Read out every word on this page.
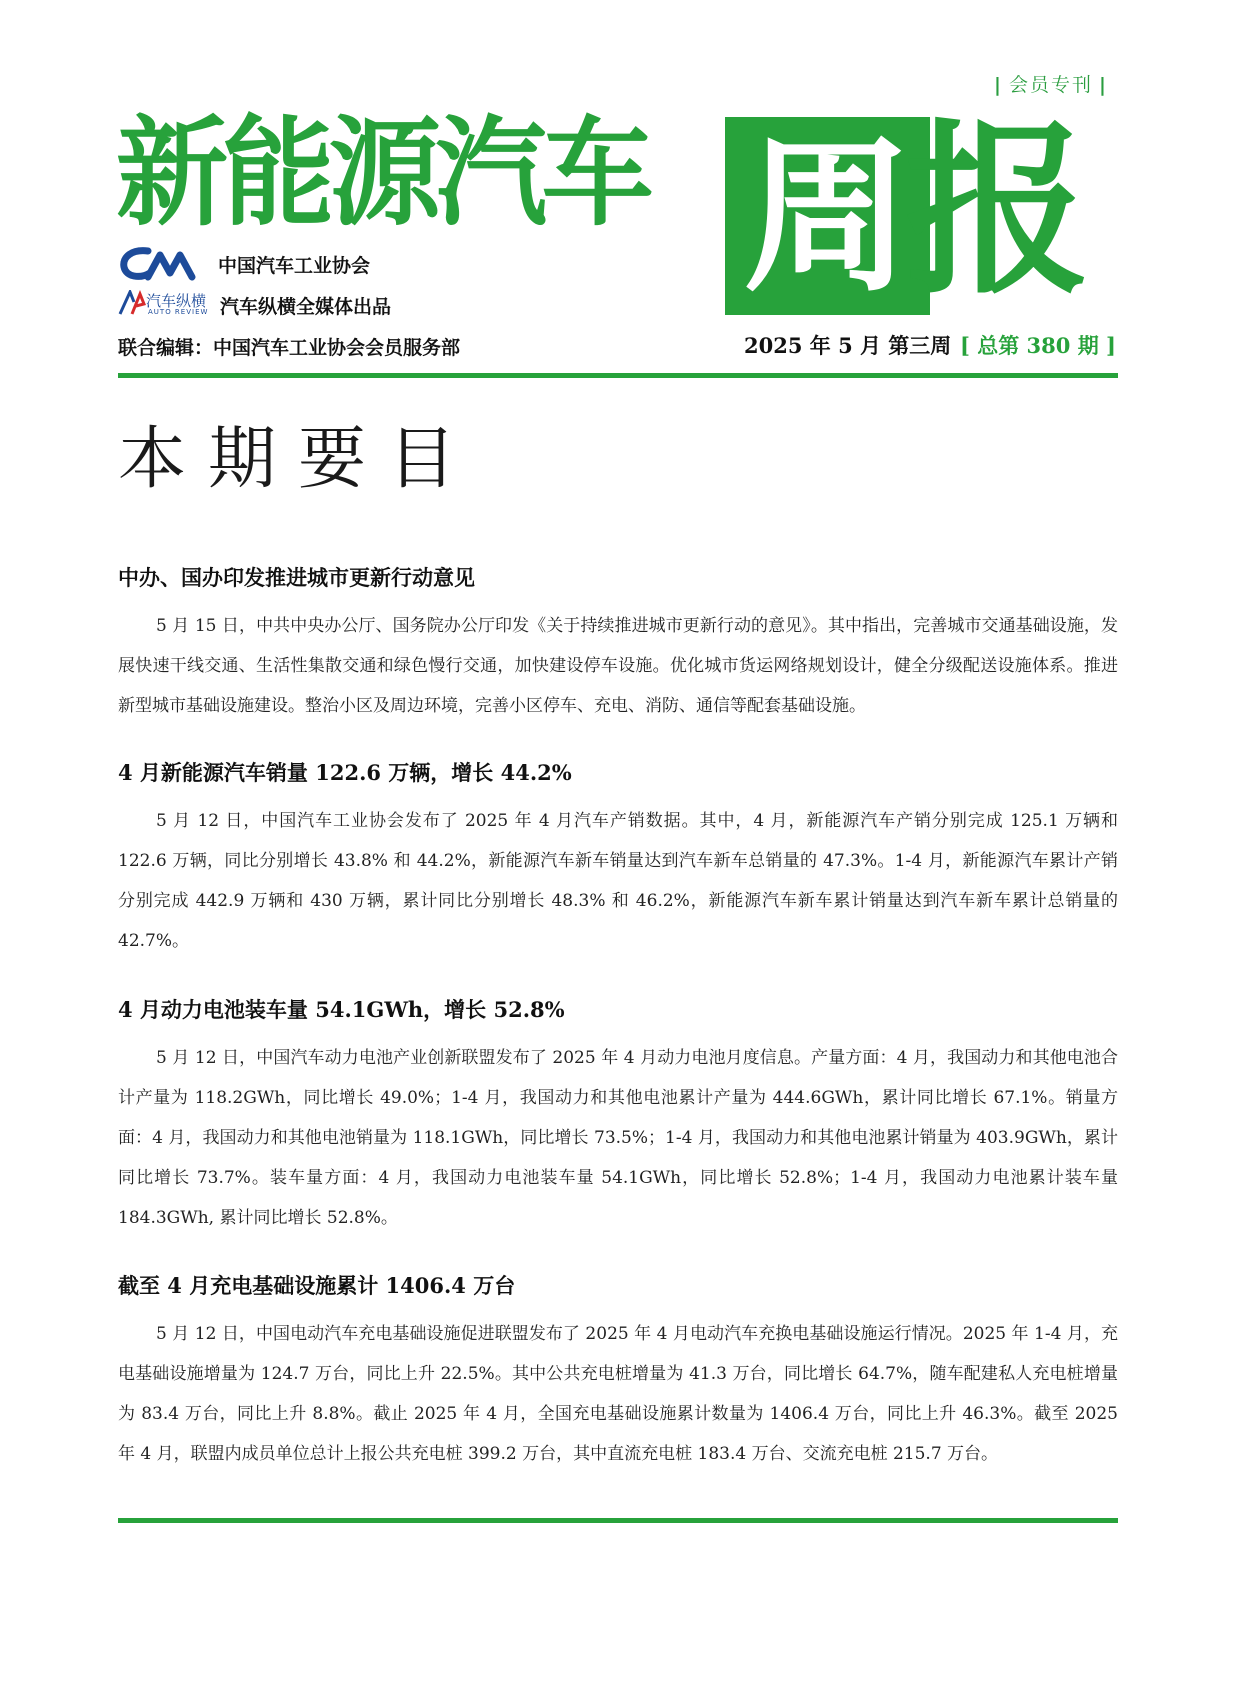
| 会员专刊 |
新能源汽车 周
报
中国汽车工业协会
汽车纵横
AUTO REVIEW 汽车纵横全媒体出品
联合编辑：中国汽车工业协会会员服务部	2025 年 5 月 第三周 [ 总第 380 期 ]
本期要目
中办、国办印发推进城市更新行动意见

5 月 15 日，中共中央办公厅、国务院办公厅印发《关于持续推进城市更新行动的意见》。其中指出，完善城市交通基础设施，发展快速干线交通、生活性集散交通和绿色慢行交通，加快建设停车设施。优化城市货运网络规划设计，健全分级配送设施体系。推进新型城市基础设施建设。整治小区及周边环境，完善小区停车、充电、消防、通信等配套基础设施。

4 月新能源汽车销量 122.6 万辆，增长 44.2%

5 月 12 日，中国汽车工业协会发布了 2025 年 4 月汽车产销数据。其中，4 月，新能源汽车产销分别完成 125.1 万辆和 122.6 万辆，同比分别增长 43.8% 和 44.2%，新能源汽车新车销量达到汽车新车总销量的 47.3%。1-4 月，新能源汽车累计产销分别完成 442.9 万辆和 430 万辆，累计同比分别增长 48.3% 和 46.2%，新能源汽车新车累计销量达到汽车新车累计总销量的 42.7%。

4 月动力电池装车量 54.1GWh，增长 52.8%

5 月 12 日，中国汽车动力电池产业创新联盟发布了 2025 年 4 月动力电池月度信息。产量方面：4 月，我国动力和其他电池合计产量为 118.2GWh，同比增长 49.0%；1-4 月，我国动力和其他电池累计产量为 444.6GWh，累计同比增长 67.1%。销量方面：4 月，我国动力和其他电池销量为 118.1GWh，同比增长 73.5%；1-4 月，我国动力和其他电池累计销量为 403.9GWh，累计同比增长 73.7%。装车量方面：4 月，我国动力电池装车量 54.1GWh，同比增长 52.8%；1-4 月，我国动力电池累计装车量 184.3GWh, 累计同比增长 52.8%。

截至 4 月充电基础设施累计 1406.4 万台

5 月 12 日，中国电动汽车充电基础设施促进联盟发布了 2025 年 4 月电动汽车充换电基础设施运行情况。2025 年 1-4 月，充电基础设施增量为 124.7 万台，同比上升 22.5%。其中公共充电桩增量为 41.3 万台，同比增长 64.7%，随车配建私人充电桩增量为 83.4 万台，同比上升 8.8%。截止 2025 年 4 月，全国充电基础设施累计数量为 1406.4 万台，同比上升 46.3%。截至 2025 年 4 月，联盟内成员单位总计上报公共充电桩 399.2 万台，其中直流充电桩 183.4 万台、交流充电桩 215.7 万台。
